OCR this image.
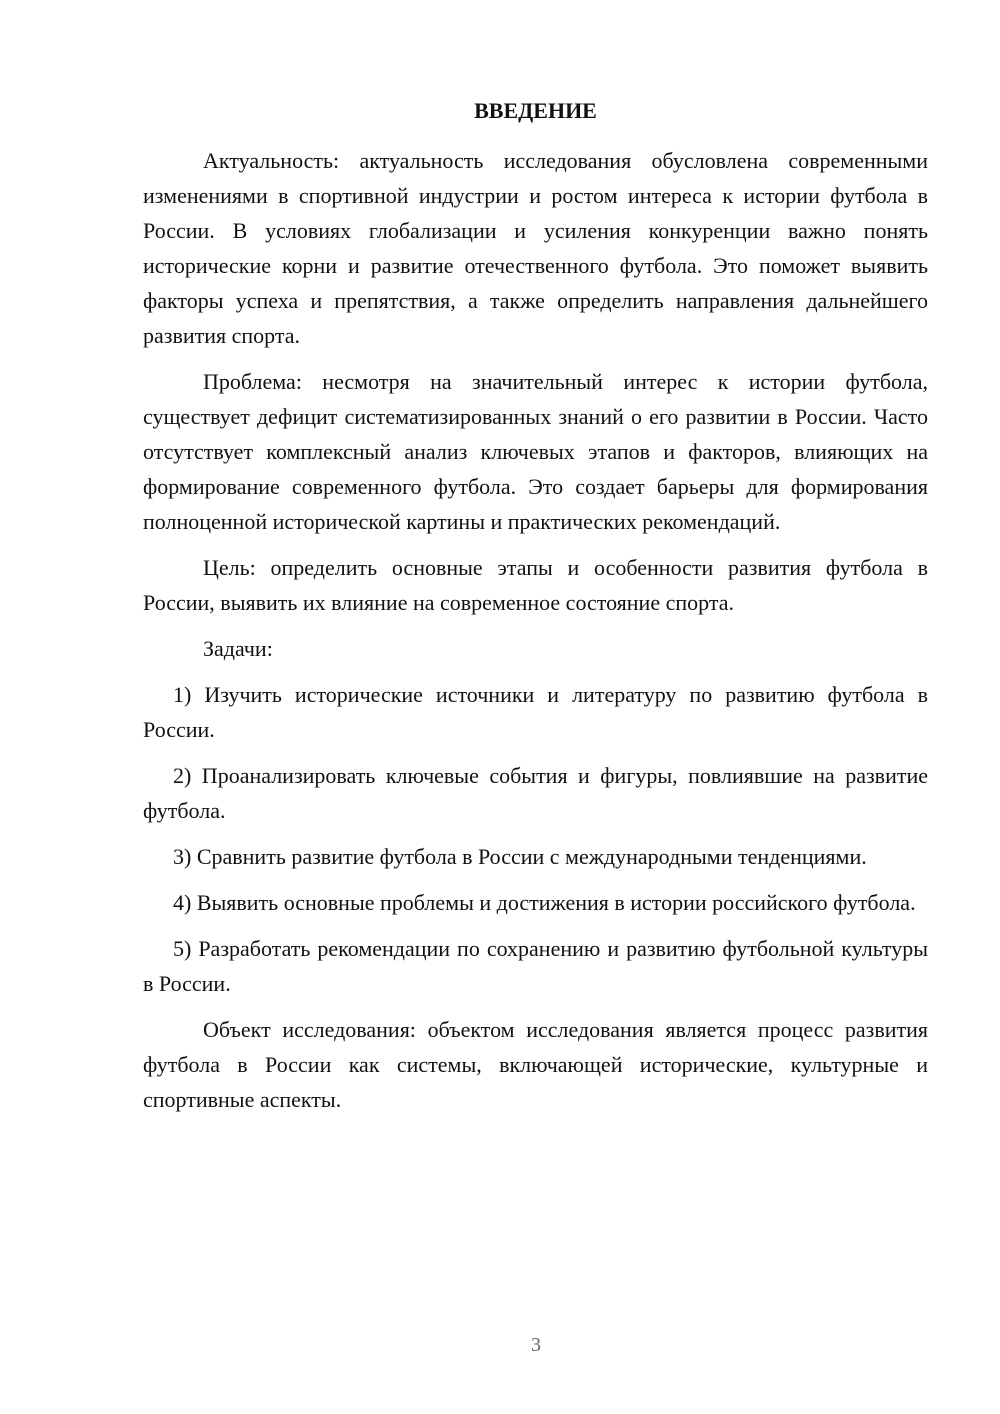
ВВЕДЕНИЕ

Актуальность: актуальность исследования обусловлена современными изменениями в спортивной индустрии и ростом интереса к истории футбола в России. В условиях глобализации и усиления конкуренции важно понять исторические корни и развитие отечественного футбола. Это поможет выявить факторы успеха и препятствия, а также определить направления дальнейшего развития спорта.

Проблема: несмотря на значительный интерес к истории футбола, существует дефицит систематизированных знаний о его развитии в России. Часто отсутствует комплексный анализ ключевых этапов и факторов, влияющих на формирование современного футбола. Это создает барьеры для формирования полноценной исторической картины и практических рекомендаций.

Цель: определить основные этапы и особенности развития футбола в России, выявить их влияние на современное состояние спорта.

Задачи:

1) Изучить исторические источники и литературу по развитию футбола в России.

2) Проанализировать ключевые события и фигуры, повлиявшие на развитие футбола.

3) Сравнить развитие футбола в России с международными тенденциями.

4) Выявить основные проблемы и достижения в истории российского футбола.

5) Разработать рекомендации по сохранению и развитию футбольной культуры в России.

Объект исследования: объектом исследования является процесс развития футбола в России как системы, включающей исторические, культурные и спортивные аспекты.

3
